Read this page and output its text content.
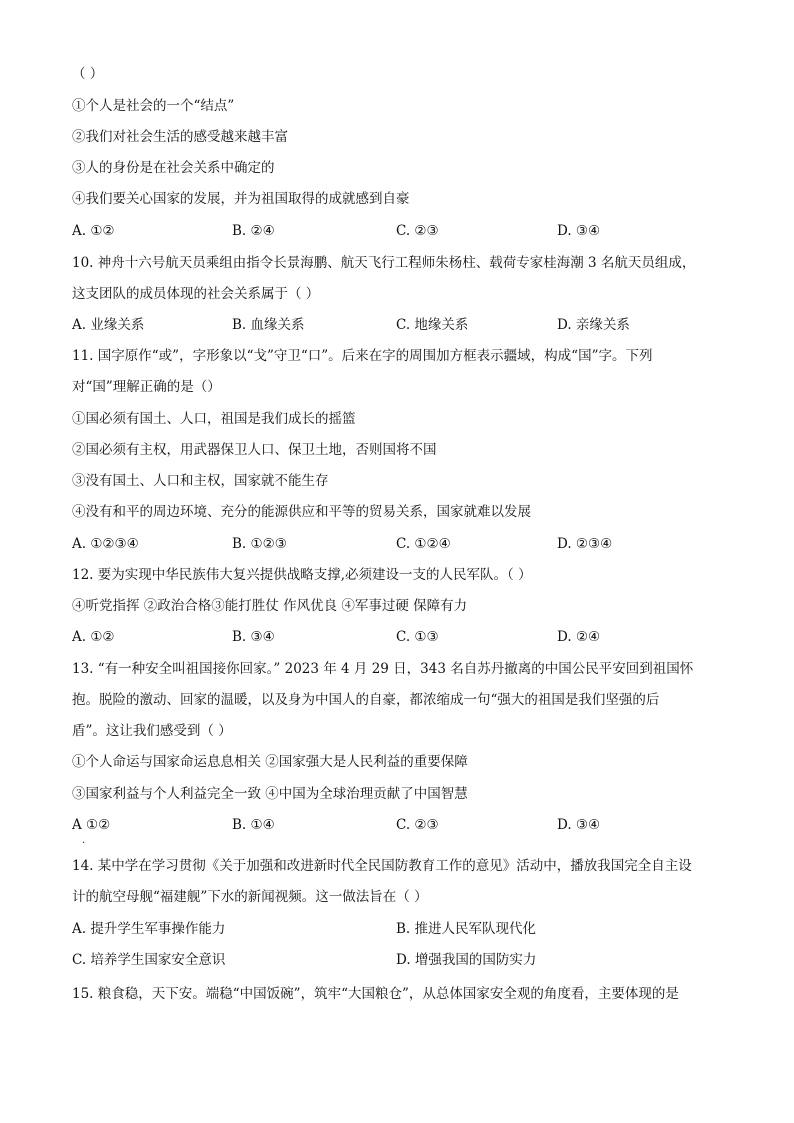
（ ）
①个人是社会的一个“结点”
②我们对社会生活的感受越来越丰富
③人的身份是在社会关系中确定的
④我们要关心国家的发展，并为祖国取得的成就感到自豪
A. ①②	B. ②④	C. ②③	D. ③④
10. 神舟十六号航天员乘组由指令长景海鹏、航天飞行工程师朱杨柱、载荷专家桂海潮 3 名航天员组成，
这支团队的成员体现的社会关系属于（ ）
A. 业缘关系	B. 血缘关系	C. 地缘关系	D. 亲缘关系
11. 国字原作“或”，字形象以“戈”守卫“口”。后来在字的周围加方框表示疆域，构成“国”字。下列
对“国”理解正确的是（）
①国必须有国土、人口，祖国是我们成长的摇篮
②国必须有主权，用武器保卫人口、保卫土地，否则国将不国
③没有国土、人口和主权，国家就不能生存
④没有和平的周边环境、充分的能源供应和平等的贸易关系，国家就难以发展
A. ①②③④	B. ①②③	C. ①②④	D. ②③④
12. 要为实现中华民族伟大复兴提供战略支撑,必须建设一支的人民军队。（ ）
④听党指挥 ②政治合格③能打胜仗 作风优良 ④军事过硬 保障有力
A. ①②	B. ③④	C. ①③	D. ②④
13. “有一种安全叫祖国接你回家。” 2023 年 4 月 29 日，343 名自苏丹撤离的中国公民平安回到祖国怀
抱。脱险的激动、回家的温暖，以及身为中国人的自豪，都浓缩成一句“强大的祖国是我们坚强的后
盾”。这让我们感受到（ ）
①个人命运与国家命运息息相关 ②国家强大是人民利益的重要保障
③国家利益与个人利益完全一致 ④中国为全球治理贡献了中国智慧
A ①②	B. ①④	C. ②③	D. ③④
.
14. 某中学在学习贯彻《关于加强和改进新时代全民国防教育工作的意见》活动中，播放我国完全自主设
计的航空母舰“福建舰”下水的新闻视频。这一做法旨在（ ）
A. 提升学生军事操作能力	B. 推进人民军队现代化
C. 培养学生国家安全意识	D. 增强我国的国防实力
15. 粮食稳，天下安。端稳“中国饭碗”，筑牢“大国粮仓”，从总体国家安全观的角度看，主要体现的是
